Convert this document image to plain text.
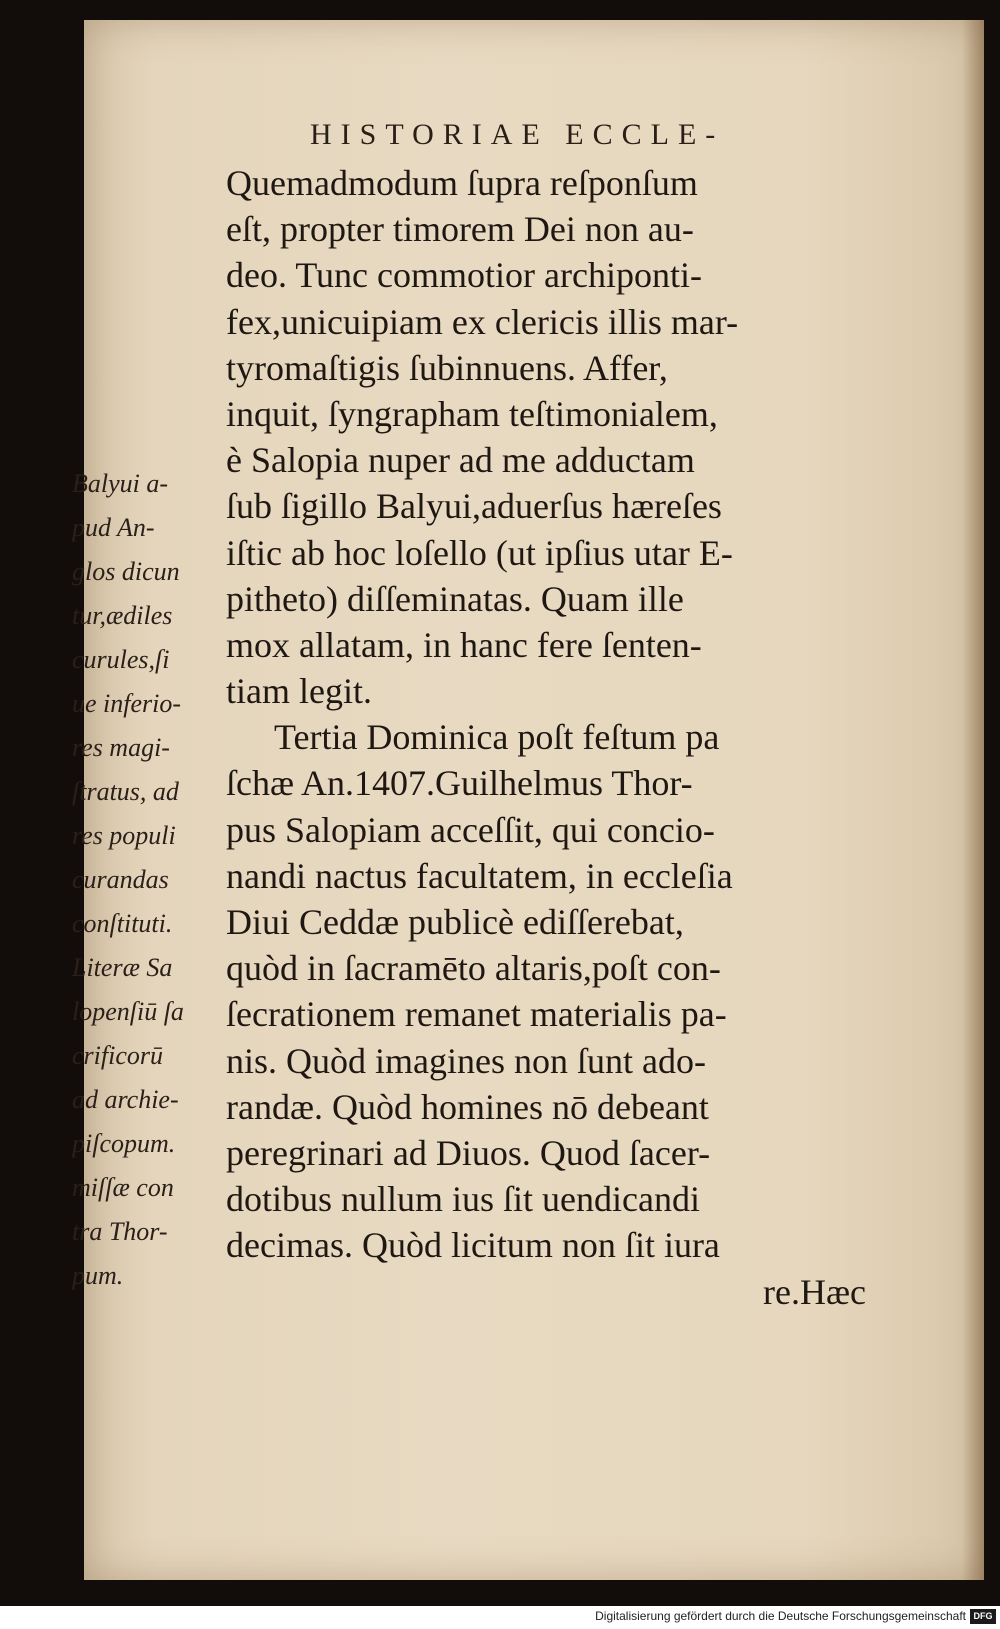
HISTORIAE ECCLE-
Quemadmodum ſupra reſponſum
eſt, propter timorem Dei non au-
deo. Tunc commotior archiponti-
fex,unicuipiam ex clericis illis mar-
tyromaſtigis ſubinnuens. Affer,
inquit, ſyngrapham teſtimonialem,
è Salopia nuper ad me adductam
ſub ſigillo Balyui,aduerſus hæreſes
iſtic ab hoc loſello (ut ipſius utar E-
pitheto) diſſeminatas. Quam ille
mox allatam, in hanc fere ſenten-
tiam legit.
Tertia Dominica poſt feſtum pa
ſchæ An.1407.Guilhelmus Thor-
pus Salopiam acceſſit, qui concio-
nandi nactus facultatem, in eccleſia
Diui Ceddæ publicè ediſſerebat,
quòd in ſacramēto altaris,poſt con-
ſecrationem remanet materialis pa-
nis. Quòd imagines non ſunt ado-
randæ. Quòd homines nō debeant
peregrinari ad Diuos. Quod ſacer-
dotibus nullum ius ſit uendicandi
decimas. Quòd licitum non ſit iura
re.Hæc
Balyui a-
pud An-
glos dicun
tur,ædiles
curules,ſi
ue inferio-
res magi-
ſtratus, ad
res populi
curandas
conſtituti.
Literæ Sa
lopenſiū ſa
crificorū
ad archie-
piſcopum.
miſſæ con
tra Thor-
pum.
Digitalisierung gefördert durch die Deutsche Forschungsgemeinschaft DFG
